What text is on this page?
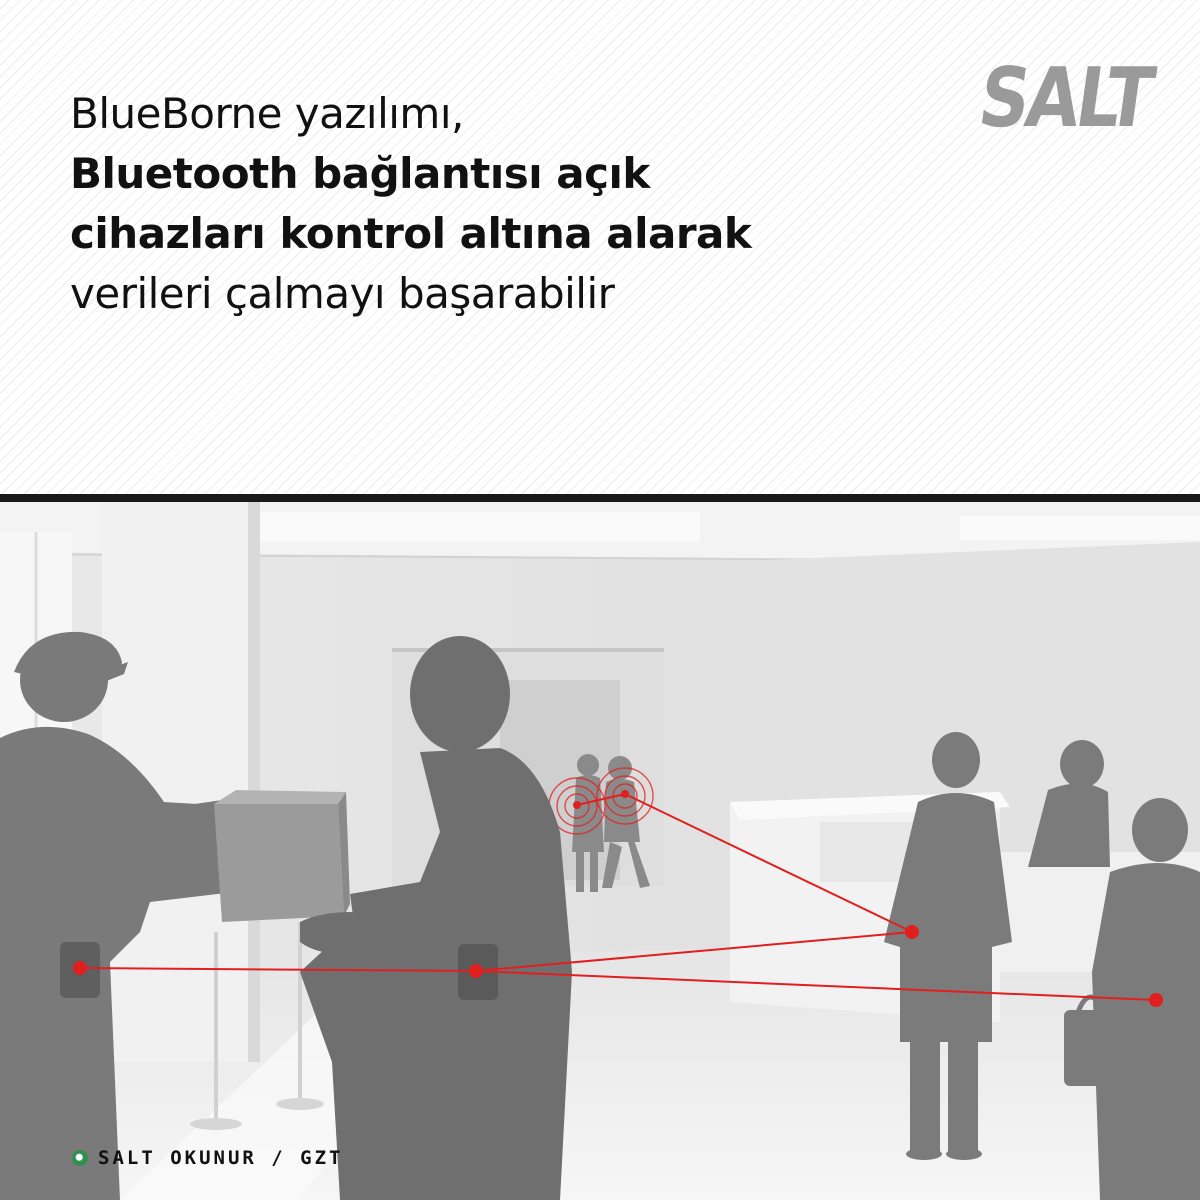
BlueBorne yazılımı,
Bluetooth bağlantısı açık
cihazları kontrol altına alarak
verileri çalmayı başarabilir
SALT
SALT OKUNUR / GZT
